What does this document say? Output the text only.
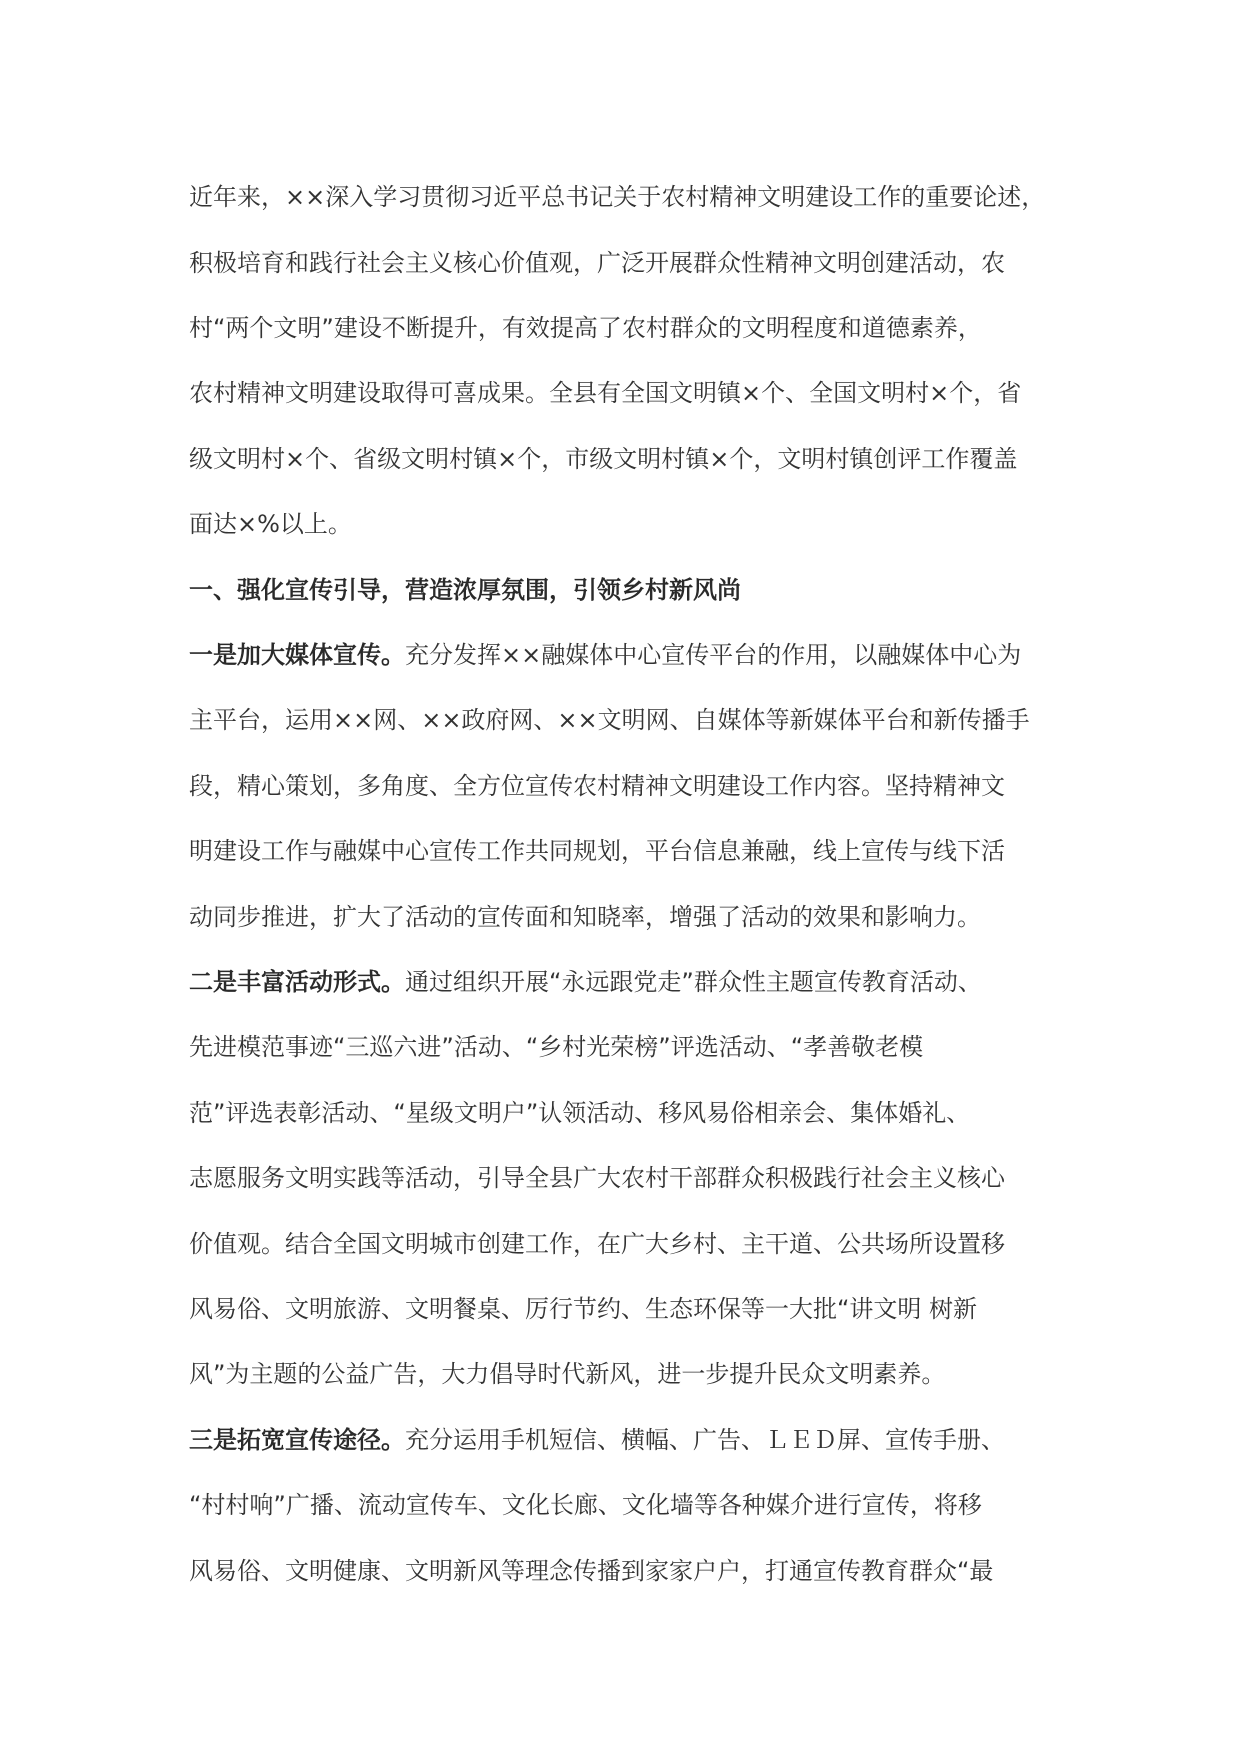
近年来，××深入学习贯彻习近平总书记关于农村精神文明建设工作的重要论述，
积极培育和践行社会主义核心价值观，广泛开展群众性精神文明创建活动，农
村“两个文明”建设不断提升，有效提高了农村群众的文明程度和道德素养，
农村精神文明建设取得可喜成果。全县有全国文明镇×个、全国文明村×个，省
级文明村×个、省级文明村镇×个，市级文明村镇×个，文明村镇创评工作覆盖
面达×%以上。
一、强化宣传引导，营造浓厚氛围，引领乡村新风尚
一是加大媒体宣传。充分发挥××融媒体中心宣传平台的作用，以融媒体中心为
主平台，运用××网、××政府网、××文明网、自媒体等新媒体平台和新传播手
段，精心策划，多角度、全方位宣传农村精神文明建设工作内容。坚持精神文
明建设工作与融媒中心宣传工作共同规划，平台信息兼融，线上宣传与线下活
动同步推进，扩大了活动的宣传面和知晓率，增强了活动的效果和影响力。
二是丰富活动形式。通过组织开展“永远跟党走”群众性主题宣传教育活动、
先进模范事迹“三巡六进”活动、“乡村光荣榜”评选活动、“孝善敬老模
范”评选表彰活动、“星级文明户”认领活动、移风易俗相亲会、集体婚礼、
志愿服务文明实践等活动，引导全县广大农村干部群众积极践行社会主义核心
价值观。结合全国文明城市创建工作，在广大乡村、主干道、公共场所设置移
风易俗、文明旅游、文明餐桌、厉行节约、生态环保等一大批“讲文明 树新
风”为主题的公益广告，大力倡导时代新风，进一步提升民众文明素养。
三是拓宽宣传途径。充分运用手机短信、横幅、广告、ＬＥＤ屏、宣传手册、
“村村响”广播、流动宣传车、文化长廊、文化墙等各种媒介进行宣传，将移
风易俗、文明健康、文明新风等理念传播到家家户户，打通宣传教育群众“最
